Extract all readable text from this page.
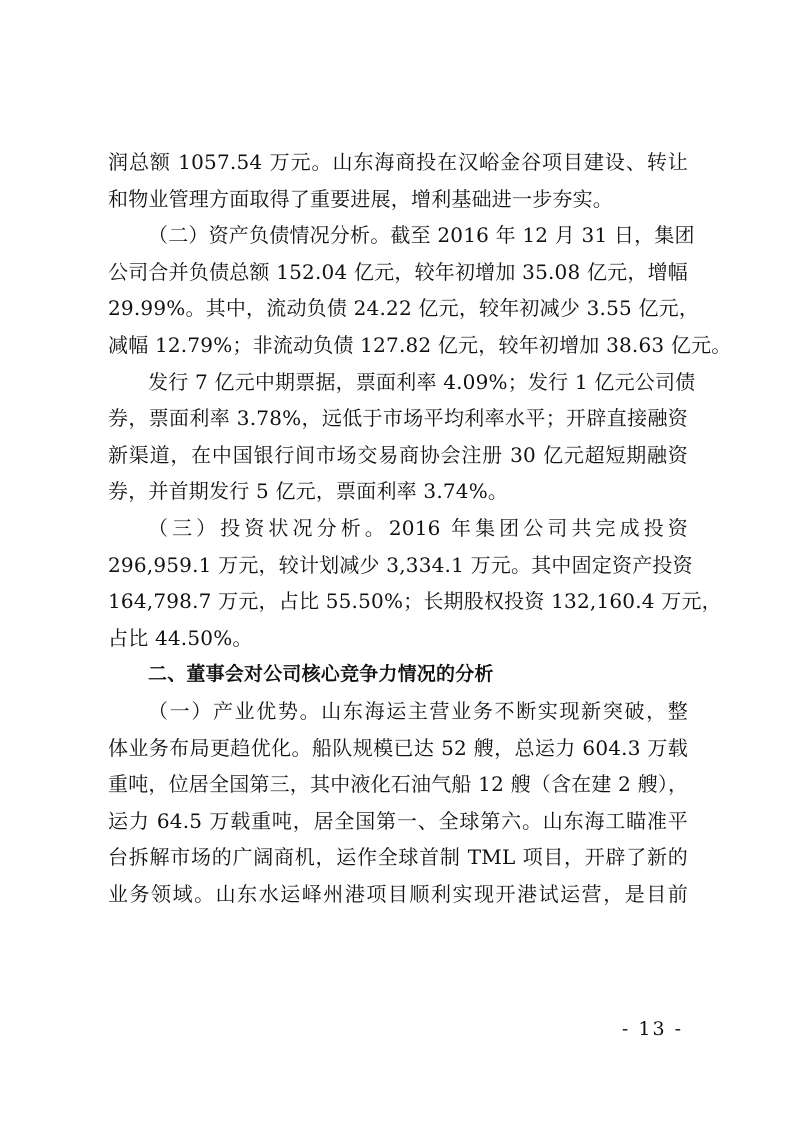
润总额 1057.54 万元。山东海商投在汉峪金谷项目建设、转让
和物业管理方面取得了重要进展，增利基础进一步夯实。
（二）资产负债情况分析。截至 2016 年 12 月 31 日，集团
公司合并负债总额 152.04 亿元，较年初增加 35.08 亿元，增幅
29.99%。其中，流动负债 24.22 亿元，较年初减少 3.55 亿元，
减幅 12.79%；非流动负债 127.82 亿元，较年初增加 38.63 亿元。
发行 7 亿元中期票据，票面利率 4.09%；发行 1 亿元公司债
券，票面利率 3.78%，远低于市场平均利率水平；开辟直接融资
新渠道，在中国银行间市场交易商协会注册 30 亿元超短期融资
券，并首期发行 5 亿元，票面利率 3.74%。
（三）投资状况分析。2016 年集团公司共完成投资
296,959.1 万元，较计划减少 3,334.1 万元。其中固定资产投资
164,798.7 万元，占比 55.50%；长期股权投资 132,160.4 万元，
占比 44.50%。
二、董事会对公司核心竞争力情况的分析
（一）产业优势。山东海运主营业务不断实现新突破，整
体业务布局更趋优化。船队规模已达 52 艘，总运力 604.3 万载
重吨，位居全国第三，其中液化石油气船 12 艘（含在建 2 艘），
运力 64.5 万载重吨，居全国第一、全球第六。山东海工瞄准平
台拆解市场的广阔商机，运作全球首制 TML 项目，开辟了新的
业务领域。山东水运峄州港项目顺利实现开港试运营，是目前
- 13 -
